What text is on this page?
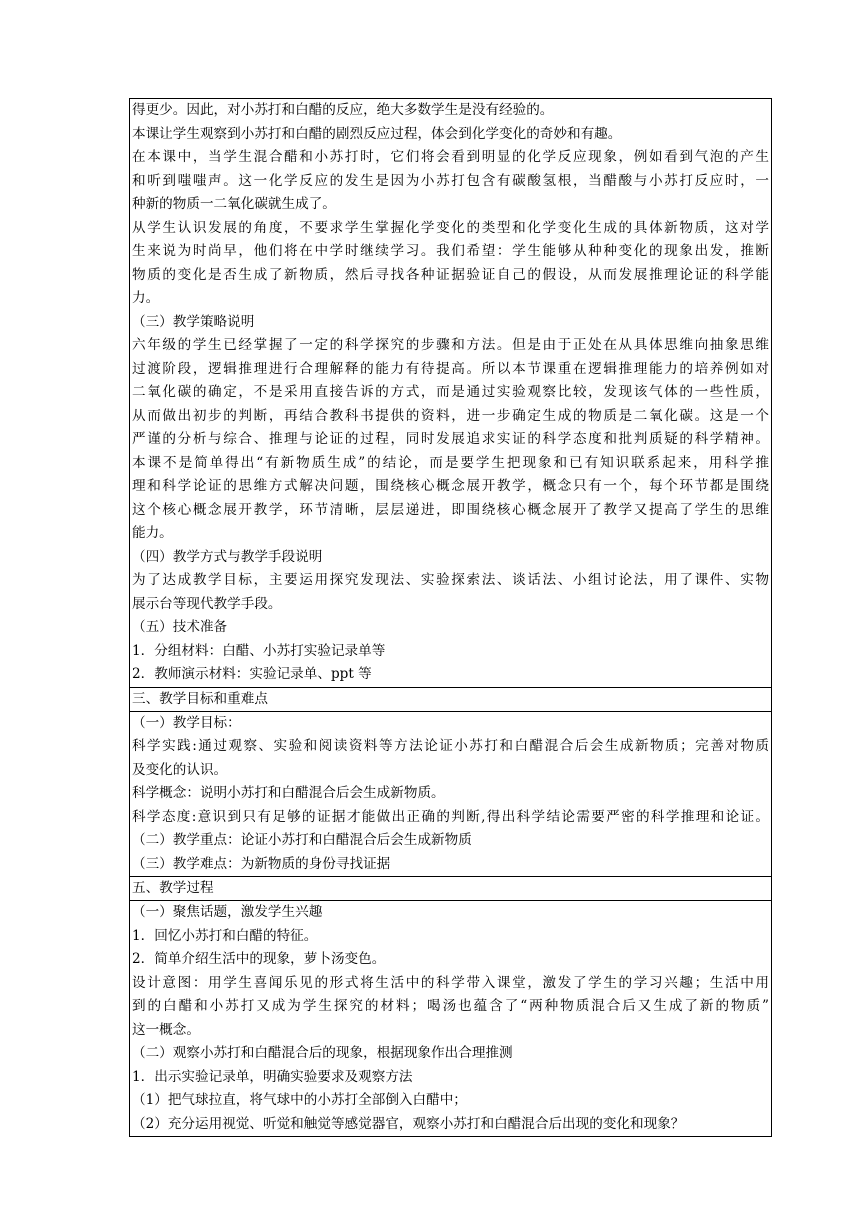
得更少。因此，对小苏打和白醋的反应，绝大多数学生是没有经验的。
本课让学生观察到小苏打和白醋的剧烈反应过程，体会到化学变化的奇妙和有趣。
在本课中，当学生混合醋和小苏打时，它们将会看到明显的化学反应现象，例如看到气泡的产生
和听到嗤嗤声。这一化学反应的发生是因为小苏打包含有碳酸氢根，当醋酸与小苏打反应时，一
种新的物质一二氧化碳就生成了。
从学生认识发展的角度，不要求学生掌握化学变化的类型和化学变化生成的具体新物质，这对学
生来说为时尚早，他们将在中学时继续学习。我们希望：学生能够从种种变化的现象出发，推断
物质的变化是否生成了新物质，然后寻找各种证据验证自己的假设，从而发展推理论证的科学能
力。
（三）教学策略说明
六年级的学生已经掌握了一定的科学探究的步骤和方法。但是由于正处在从具体思维向抽象思维
过渡阶段，逻辑推理进行合理解释的能力有待提高。所以本节课重在逻辑推理能力的培养例如对
二氧化碳的确定，不是采用直接告诉的方式，而是通过实验观察比较，发现该气体的一些性质，
从而做出初步的判断，再结合教科书提供的资料，进一步确定生成的物质是二氧化碳。这是一个
严谨的分析与综合、推理与论证的过程，同时发展追求实证的科学态度和批判质疑的科学精神。
本课不是简单得出“有新物质生成”的结论，而是要学生把现象和已有知识联系起来，用科学推
理和科学论证的思维方式解决问题，围绕核心概念展开教学，概念只有一个，每个环节都是围绕
这个核心概念展开教学，环节清晰，层层递进，即围绕核心概念展开了教学又提高了学生的思维
能力。
（四）教学方式与教学手段说明
为了达成教学目标，主要运用探究发现法、实验探索法、谈话法、小组讨论法，用了课件、实物
展示台等现代教学手段。
（五）技术准备
1．分组材料：白醋、小苏打实验记录单等
2．教师演示材料：实验记录单、ppt 等

三、教学目标和重难点

（一）教学目标：
科学实践:通过观察、实验和阅读资料等方法论证小苏打和白醋混合后会生成新物质；完善对物质
及变化的认识。
科学概念：说明小苏打和白醋混合后会生成新物质。
科学态度:意识到只有足够的证据才能做出正确的判断,得出科学结论需要严密的科学推理和论证。
（二）教学重点：论证小苏打和白醋混合后会生成新物质
（三）教学难点：为新物质的身份寻找证据

五、教学过程

（一）聚焦话题，激发学生兴趣
1．回忆小苏打和白醋的特征。
2．简单介绍生活中的现象，萝卜汤变色。
设计意图：用学生喜闻乐见的形式将生活中的科学带入课堂，激发了学生的学习兴趣；生活中用
到的白醋和小苏打又成为学生探究的材料；喝汤也蕴含了“两种物质混合后又生成了新的物质”
这一概念。
（二）观察小苏打和白醋混合后的现象，根据现象作出合理推测
1．出示实验记录单，明确实验要求及观察方法
（1）把气球拉直，将气球中的小苏打全部倒入白醋中；
（2）充分运用视觉、听觉和触觉等感觉器官，观察小苏打和白醋混合后出现的变化和现象？
